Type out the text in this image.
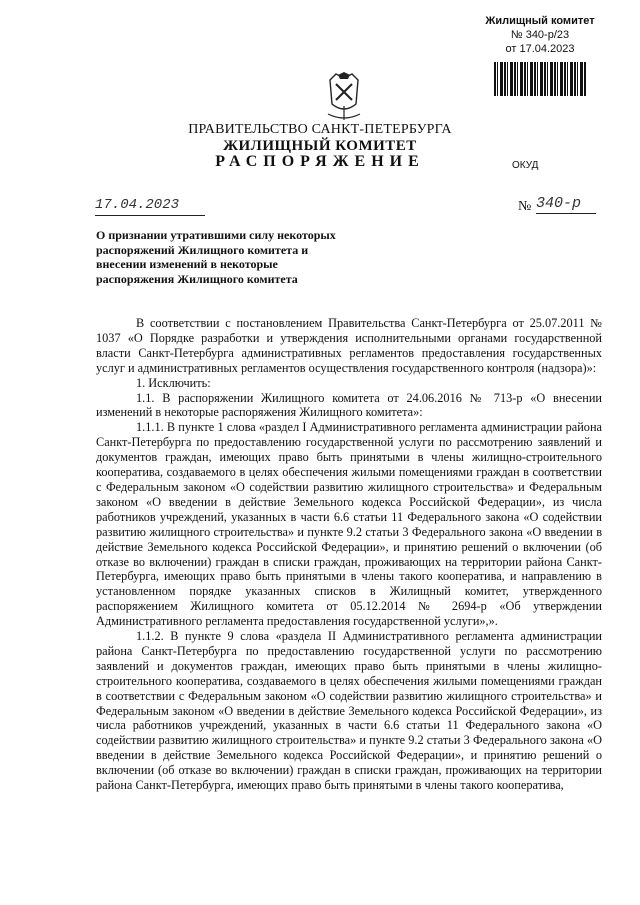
Жилищный комитет
№ 340-р/23
от 17.04.2023
ПРАВИТЕЛЬСТВО САНКТ-ПЕТЕРБУРГА
ЖИЛИЩНЫЙ КОМИТЕТ
РАСПОРЯЖЕНИЕ	ОКУД
17.04.2023	№ 340-р
О признании утратившими силу некоторых распоряжений Жилищного комитета и внесении изменений в некоторые распоряжения Жилищного комитета

В соответствии с постановлением Правительства Санкт-Петербурга от 25.07.2011 № 1037 «О Порядке разработки и утверждения исполнительными органами государственной власти Санкт-Петербурга административных регламентов предоставления государственных услуг и административных регламентов осуществления государственного контроля (надзора)»:

1. Исключить:

1.1. В распоряжении Жилищного комитета от 24.06.2016 № 713-р «О внесении изменений в некоторые распоряжения Жилищного комитета»:

1.1.1. В пункте 1 слова «раздел I Административного регламента администрации района Санкт-Петербурга по предоставлению государственной услуги по рассмотрению заявлений и документов граждан, имеющих право быть принятыми в члены жилищно-строительного кооператива, создаваемого в целях обеспечения жилыми помещениями граждан в соответствии с Федеральным законом «О содействии развитию жилищного строительства» и Федеральным законом «О введении в действие Земельного кодекса Российской Федерации», из числа работников учреждений, указанных в части 6.6 статьи 11 Федерального закона «О содействии развитию жилищного строительства» и пункте 9.2 статьи 3 Федерального закона «О введении в действие Земельного кодекса Российской Федерации», и принятию решений о включении (об отказе во включении) граждан в списки граждан, проживающих на территории района Санкт-Петербурга, имеющих право быть принятыми в члены такого кооператива, и направлению в установленном порядке указанных списков в Жилищный комитет, утвержденного распоряжением Жилищного комитета от 05.12.2014 № 2694-р «Об утверждении Административного регламента предоставления государственной услуги»,».

1.1.2. В пункте 9 слова «раздела II Административного регламента администрации района Санкт-Петербурга по предоставлению государственной услуги по рассмотрению заявлений и документов граждан, имеющих право быть принятыми в члены жилищно-строительного кооператива, создаваемого в целях обеспечения жилыми помещениями граждан в соответствии с Федеральным законом «О содействии развитию жилищного строительства» и Федеральным законом «О введении в действие Земельного кодекса Российской Федерации», из числа работников учреждений, указанных в части 6.6 статьи 11 Федерального закона «О содействии развитию жилищного строительства» и пункте 9.2 статьи 3 Федерального закона «О введении в действие Земельного кодекса Российской Федерации», и принятию решений о включении (об отказе во включении) граждан в списки граждан, проживающих на территории района Санкт-Петербурга, имеющих право быть принятыми в члены такого кооператива,
